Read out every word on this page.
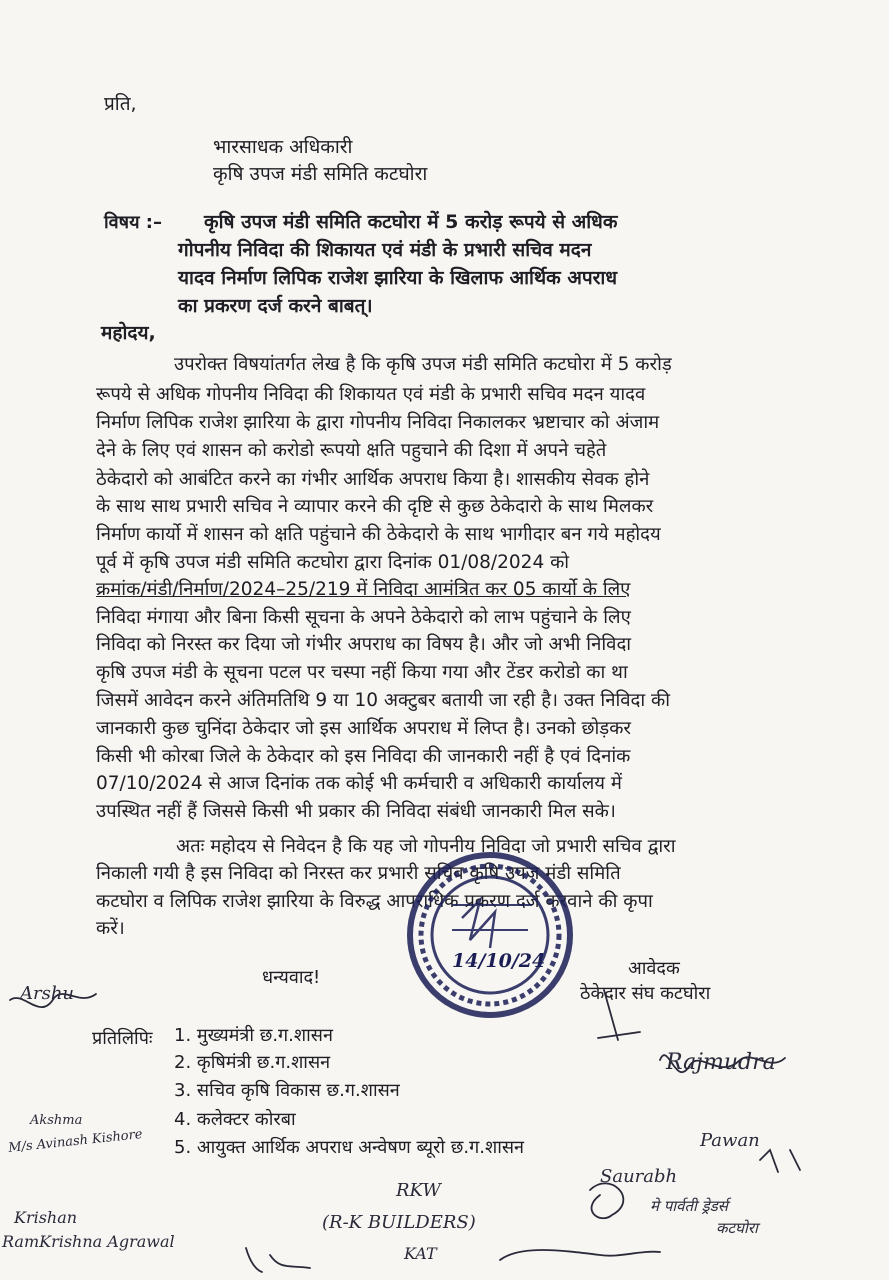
प्रति,
भारसाधक अधिकारी
कृषि उपज मंडी समिति कटघोरा
विषय :– कृषि उपज मंडी समिति कटघोरा में 5 करोड़ रूपये से अधिक
गोपनीय निविदा की शिकायत एवं मंडी के प्रभारी सचिव मदन
यादव निर्माण लिपिक राजेश झारिया के खिलाफ आर्थिक अपराध
का प्रकरण दर्ज करने बाबत्।
महोदय,
उपरोक्त विषयांतर्गत लेख है कि कृषि उपज मंडी समिति कटघोरा में 5 करोड़
रूपये से अधिक गोपनीय निविदा की शिकायत एवं मंडी के प्रभारी सचिव मदन यादव
निर्माण लिपिक राजेश झारिया के द्वारा गोपनीय निविदा निकालकर भ्रष्टाचार को अंजाम
देने के लिए एवं शासन को करोडो रूपयो क्षति पहुचाने की दिशा में अपने चहेते
ठेकेदारो को आबंटित करने का गंभीर आर्थिक अपराध किया है। शासकीय सेवक होने
के साथ साथ प्रभारी सचिव ने व्यापार करने की दृष्टि से कुछ ठेकेदारो के साथ मिलकर
निर्माण कार्यो में शासन को क्षति पहुंचाने की ठेकेदारो के साथ भागीदार बन गये महोदय
पूर्व में कृषि उपज मंडी समिति कटघोरा द्वारा दिनांक 01/08/2024 को
क्रमांक/मंडी/निर्माण/2024–25/219 में निविदा आमंत्रित कर 05 कार्यो के लिए
निविदा मंगाया और बिना किसी सूचना के अपने ठेकेदारो को लाभ पहुंचाने के लिए
निविदा को निरस्त कर दिया जो गंभीर अपराध का विषय है। और जो अभी निविदा
कृषि उपज मंडी के सूचना पटल पर चस्पा नहीं किया गया और टेंडर करोडो का था
जिसमें आवेदन करने अंतिमतिथि 9 या 10 अक्टुबर बतायी जा रही है। उक्त निविदा की
जानकारी कुछ चुनिंदा ठेकेदार जो इस आर्थिक अपराध में लिप्त है। उनको छोड़कर
किसी भी कोरबा जिले के ठेकेदार को इस निविदा की जानकारी नहीं है एवं दिनांक
07/10/2024 से आज दिनांक तक कोई भी कर्मचारी व अधिकारी कार्यालय में
उपस्थित नहीं हैं जिससे किसी भी प्रकार की निविदा संबंधी जानकारी मिल सके।
अतः महोदय से निवेदन है कि यह जो गोपनीय निविदा जो प्रभारी सचिव द्वारा
निकाली गयी है इस निविदा को निरस्त कर प्रभारी सचिव कृषि उपज मंडी समिति
कटघोरा व लिपिक राजेश झारिया के विरुद्ध आपराधिक प्रकरण दर्ज करवाने की कृपा
करें।
14/10/24
धन्यवाद!	आवेदक
ठेकेदार संघ कटघोरा
प्रतिलिपिः 1. मुख्यमंत्री छ.ग.शासन
2. कृषिमंत्री छ.ग.शासन
3. सचिव कृषि विकास छ.ग.शासन
4. कलेक्टर कोरबा
5. आयुक्त आर्थिक अपराध अन्वेषण ब्यूरो छ.ग.शासन
Arshu
Akshma
M/s Avinash Kishore
Krishan
RamKrishna Agrawal
RKW
(R-K BUILDERS)
KAT
Rajmudra
Saurabh
Pawan
मे पार्वती ड्रेडर्स
कटघोरा
